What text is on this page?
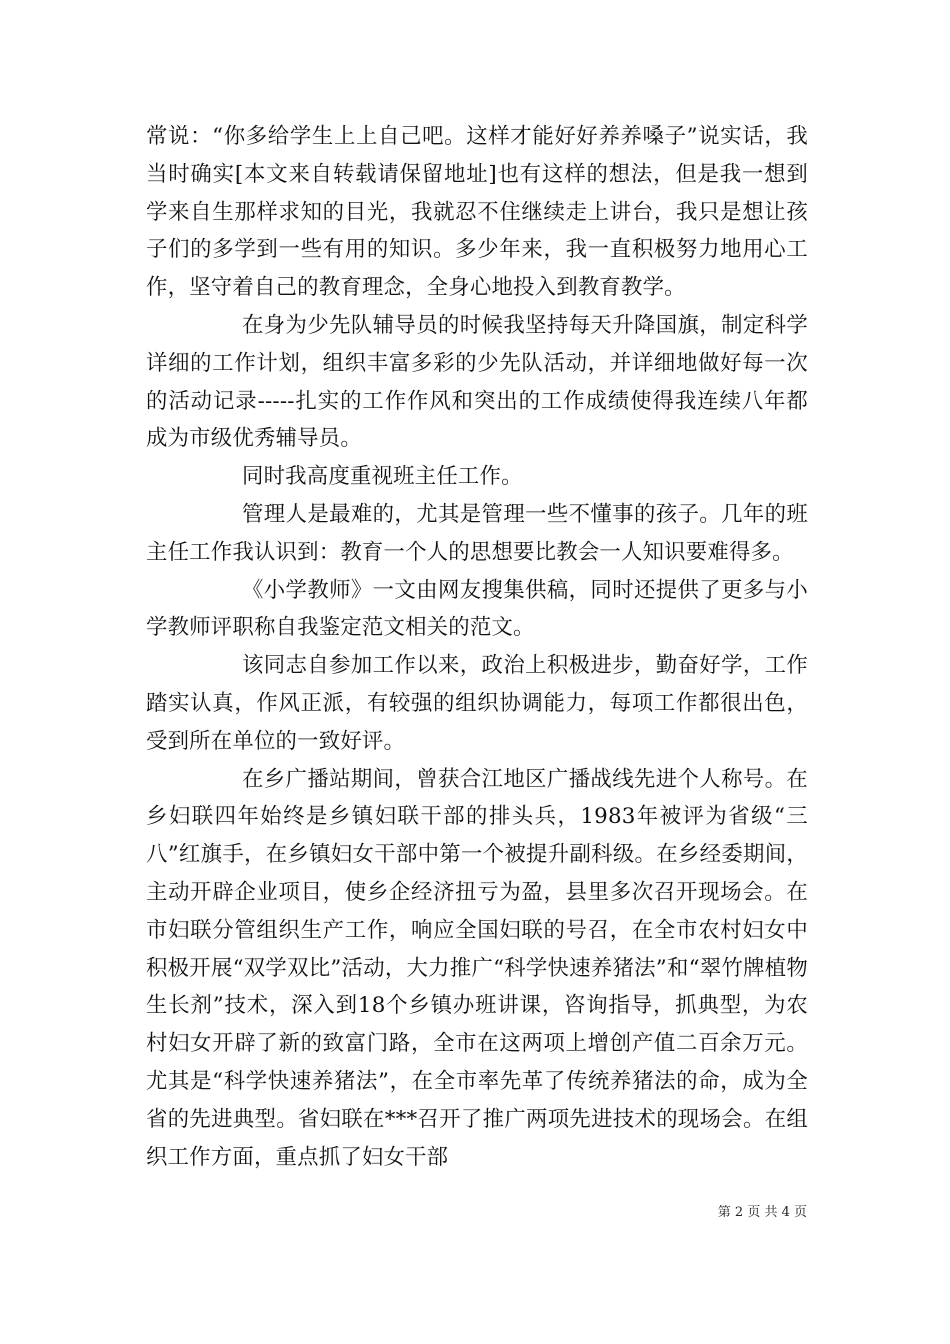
常说：“你多给学生上上自己吧。这样才能好好养养嗓子”说实话，我当时确实[本文来自转载请保留地址]也有这样的想法，但是我一想到学来自生那样求知的目光，我就忍不住继续走上讲台，我只是想让孩子们的多学到一些有用的知识。多少年来，我一直积极努力地用心工作，坚守着自己的教育理念，全身心地投入到教育教学。

在身为少先队辅导员的时候我坚持每天升降国旗，制定科学详细的工作计划，组织丰富多彩的少先队活动，并详细地做好每一次的活动记录-----扎实的工作作风和突出的工作成绩使得我连续八年都成为市级优秀辅导员。

同时我高度重视班主任工作。

管理人是最难的，尤其是管理一些不懂事的孩子。几年的班主任工作我认识到：教育一个人的思想要比教会一人知识要难得多。

《小学教师》一文由网友搜集供稿，同时还提供了更多与小学教师评职称自我鉴定范文相关的范文。

该同志自参加工作以来，政治上积极进步，勤奋好学，工作踏实认真，作风正派，有较强的组织协调能力，每项工作都很出色，受到所在单位的一致好评。

在乡广播站期间，曾获合江地区广播战线先进个人称号。在乡妇联四年始终是乡镇妇联干部的排头兵，1983年被评为省级“三八”红旗手，在乡镇妇女干部中第一个被提升副科级。在乡经委期间，主动开辟企业项目，使乡企经济扭亏为盈，县里多次召开现场会。在市妇联分管组织生产工作，响应全国妇联的号召，在全市农村妇女中积极开展“双学双比”活动，大力推广“科学快速养猪法”和“翠竹牌植物生长剂”技术，深入到18个乡镇办班讲课，咨询指导，抓典型，为农村妇女开辟了新的致富门路，全市在这两项上增创产值二百余万元。尤其是“科学快速养猪法”，在全市率先革了传统养猪法的命，成为全省的先进典型。省妇联在***召开了推广两项先进技术的现场会。在组织工作方面，重点抓了妇女干部

第 2 页 共 4 页
